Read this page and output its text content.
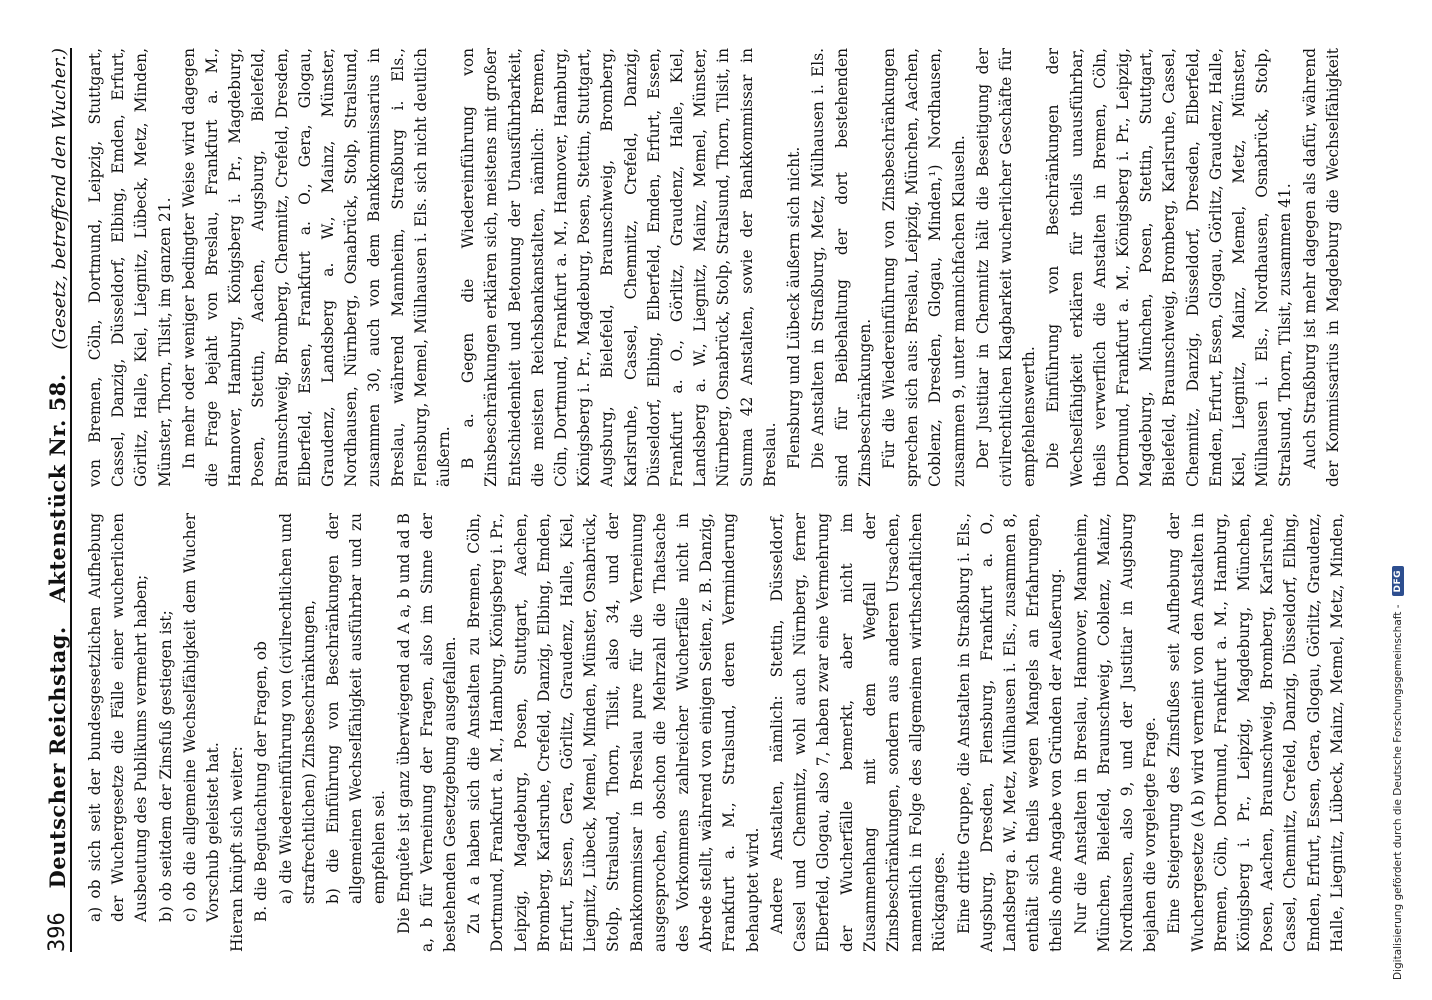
396
Deutscher Reichstag.
Aktenstück Nr. 58.
(Gesetz, betreffend den Wucher.)

a) ob sich seit der bundesgesetzlichen Aufhebung der Wuchergesetze die Fälle einer wucherlichen Ausbeutung des Publikums vermehrt haben; b) ob seitdem der Zinsfuß gestiegen ist; c) ob die allgemeine Wechselfähigkeit dem Wucher Vorschub geleistet hat. Hieran knüpft sich weiter: B. die Begutachtung der Fragen, ob a) die Wiedereinführung von (civilrechtlichen und strafrechtlichen) Zinsbeschränkungen, b) die Einführung von Beschränkungen der allgemeinen Wechselfähigkeit ausführbar und zu empfehlen sei. Die Enquête ist ganz überwiegend ad A a, b und ad B a, b für Verneinung der Fragen, also im Sinne der bestehenden Gesetzgebung ausgefallen. Zu A a haben sich die Anstalten zu Bremen, Cöln, Dortmund, Frankfurt a. M., Hamburg, Königsberg i. Pr., Leipzig, Magdeburg, Posen, Stuttgart, Aachen, Bromberg, Karlsruhe, Crefeld, Danzig, Elbing, Emden, Erfurt, Essen, Gera, Görlitz, Graudenz, Halle, Kiel, Liegnitz, Lübeck, Memel, Minden, Münster, Osnabrück, Stolp, Stralsund, Thorn, Tilsit, also 34, und der Bankkommissar in Breslau pure für die Verneinung ausgesprochen, obschon die Mehrzahl die Thatsache des Vorkommens zahlreicher Wucherfälle nicht in Abrede stellt, während von einigen Seiten, z. B. Danzig, Frankfurt a. M., Stralsund, deren Verminderung behauptet wird. Andere Anstalten, nämlich: Stettin, Düsseldorf, Cassel und Chemnitz, wohl auch Nürnberg, ferner Elberfeld, Glogau, also 7, haben zwar eine Vermehrung der Wucherfälle bemerkt, aber nicht im Zusammenhang mit dem Wegfall der Zinsbeschränkungen, sondern aus anderen Ursachen, namentlich in Folge des allgemeinen wirthschaftlichen Rückganges. Eine dritte Gruppe, die Anstalten in Straßburg i. Els., Augsburg, Dresden, Flensburg, Frankfurt a. O., Landsberg a. W., Metz, Mülhausen i. Els., zusammen 8, enthält sich theils wegen Mangels an Erfahrungen, theils ohne Angabe von Gründen der Aeußerung. Nur die Anstalten in Breslau, Hannover, Mannheim, München, Bielefeld, Braunschweig, Coblenz, Mainz, Nordhausen, also 9, und der Justitiar in Augsburg bejahen die vorgelegte Frage. Eine Steigerung des Zinsfußes seit Aufhebung der Wuchergesetze (A b) wird verneint von den Anstalten in Bremen, Cöln, Dortmund, Frankfurt a. M., Hamburg, Königsberg i. Pr., Leipzig, Magdeburg, München, Posen, Aachen, Braunschweig, Bromberg, Karlsruhe, Cassel, Chemnitz, Crefeld, Danzig, Düsseldorf, Elbing, Emden, Erfurt, Essen, Gera, Glogau, Görlitz, Graudenz, Halle, Liegnitz, Lübeck, Mainz, Memel, Metz, Minden,

von Bremen, Cöln, Dortmund, Leipzig, Stuttgart, Cassel, Danzig, Düsseldorf, Elbing, Emden, Erfurt, Görlitz, Halle, Kiel, Liegnitz, Lübeck, Metz, Minden, Münster, Thorn, Tilsit, im ganzen 21. In mehr oder weniger bedingter Weise wird dagegen die Frage bejaht von Breslau, Frankfurt a. M., Hannover, Hamburg, Königsberg i. Pr., Magdeburg, Posen, Stettin, Aachen, Augsburg, Bielefeld, Braunschweig, Bromberg, Chemnitz, Crefeld, Dresden, Elberfeld, Essen, Frankfurt a. O., Gera, Glogau, Graudenz, Landsberg a. W., Mainz, Münster, Nordhausen, Nürnberg, Osnabrück, Stolp, Stralsund, zusammen 30, auch von dem Bankkommissarius in Breslau, während Mannheim, Straßburg i. Els., Flensburg, Memel, Mülhausen i. Els. sich nicht deutlich äußern. B a. Gegen die Wiedereinführung von Zinsbeschränkungen erklären sich, meistens mit großer Entschiedenheit und Betonung der Unausführbarkeit, die meisten Reichsbankanstalten, nämlich: Bremen, Cöln, Dortmund, Frankfurt a. M., Hannover, Hamburg, Königsberg i. Pr., Magdeburg, Posen, Stettin, Stuttgart, Augsburg, Bielefeld, Braunschweig, Bromberg, Karlsruhe, Cassel, Chemnitz, Crefeld, Danzig, Düsseldorf, Elbing, Elberfeld, Emden, Erfurt, Essen, Frankfurt a. O., Görlitz, Graudenz, Halle, Kiel, Landsberg a. W., Liegnitz, Mainz, Memel, Münster, Nürnberg, Osnabrück, Stolp, Stralsund, Thorn, Tilsit, in Summa 42 Anstalten, sowie der Bankkommissar in Breslau. Flensburg und Lübeck äußern sich nicht. Die Anstalten in Straßburg, Metz, Mülhausen i. Els. sind für Beibehaltung der dort bestehenden Zinsbeschränkungen. Für die Wiedereinführung von Zinsbeschränkungen sprechen sich aus: Breslau, Leipzig, München, Aachen, Coblenz, Dresden, Glogau, Minden,¹) Nordhausen, zusammen 9, unter mannichfachen Klauseln. Der Justitiar in Chemnitz hält die Beseitigung der civilrechtlichen Klagbarkeit wucherlicher Geschäfte für empfehlenswerth. Die Einführung von Beschränkungen der Wechselfähigkeit erklären für theils unausführbar, theils verwerflich die Anstalten in Bremen, Cöln, Dortmund, Frankfurt a. M., Königsberg i. Pr., Leipzig, Magdeburg, München, Posen, Stettin, Stuttgart, Bielefeld, Braunschweig, Bromberg, Karlsruhe, Cassel, Chemnitz, Danzig, Düsseldorf, Dresden, Elberfeld, Emden, Erfurt, Essen, Glogau, Görlitz, Graudenz, Halle, Kiel, Liegnitz, Mainz, Memel, Metz, Münster, Mülhausen i. Els., Nordhausen, Osnabrück, Stolp, Stralsund, Thorn, Tilsit, zusammen 41. Auch Straßburg ist mehr dagegen als dafür, während der Kommissarius in Magdeburg die Wechselfähigkeit

Digitalisierung gefördert durch die Deutsche Forschungsgemeinschaft -
DFG
